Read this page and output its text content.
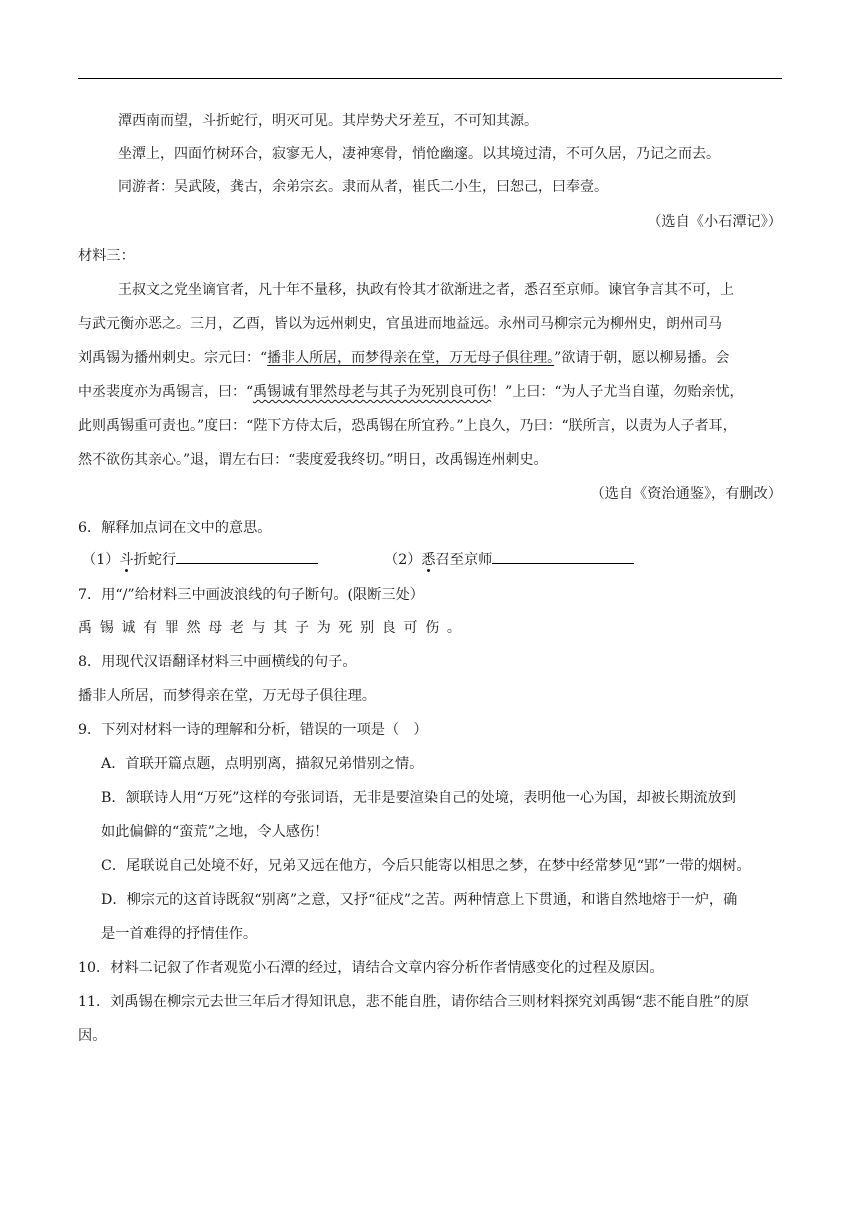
潭西南而望，斗折蛇行，明灭可见。其岸势犬牙差互，不可知其源。
坐潭上，四面竹树环合，寂寥无人，凄神寒骨，悄怆幽邃。以其境过清，不可久居，乃记之而去。
同游者：吴武陵，龚古，余弟宗玄。隶而从者，崔氏二小生，曰恕己，曰奉壹。
（选自《小石潭记》）
材料三：
王叔文之党坐谪官者，凡十年不量移，执政有怜其才欲渐进之者，悉召至京师。谏官争言其不可，上
与武元衡亦恶之。三月，乙酉，皆以为远州刺史，官虽进而地益远。永州司马柳宗元为柳州史，朗州司马
刘禹锡为播州刺史。宗元曰：“播非人所居，而梦得亲在堂，万无母子俱往理。”欲请于朝，愿以柳易播。会
中丞裴度亦为禹锡言，曰：“禹锡诚有罪然母老与其子为死别良可伤！”上曰：“为人子尤当自谨，勿贻亲忧，
此则禹锡重可责也。”度曰：“陛下方侍太后，恐禹锡在所宜矜。”上良久，乃曰：“朕所言，以责为人子者耳，
然不欲伤其亲心。”退，谓左右曰：“裴度爱我终切。”明日，改禹锡连州刺史。
（选自《资治通鉴》，有删改）
6．解释加点词在文中的意思。
（1）斗折蛇行	（2）悉召至京师
7．用“/”给材料三中画波浪线的句子断句。(限断三处）
禹锡诚有罪然母老与其子为死别良可伤。
8．用现代汉语翻译材料三中画横线的句子。
播非人所居，而梦得亲在堂，万无母子俱往理。
9．下列对材料一诗的理解和分析，错误的一项是（　）
A．首联开篇点题，点明别离，描叙兄弟惜别之情。
B．颔联诗人用“万死”这样的夸张词语，无非是要渲染自己的处境，表明他一心为国，却被长期流放到
如此偏僻的“蛮荒”之地，令人感伤！
C．尾联说自己处境不好，兄弟又远在他方，今后只能寄以相思之梦，在梦中经常梦见“郢”一带的烟树。
D．柳宗元的这首诗既叙“别离”之意，又抒“征戍”之苦。两种情意上下贯通，和谐自然地熔于一炉，确
是一首难得的抒情佳作。
10．材料二记叙了作者观览小石潭的经过，请结合文章内容分析作者情感变化的过程及原因。
11．刘禹锡在柳宗元去世三年后才得知讯息，悲不能自胜，请你结合三则材料探究刘禹锡“悲不能自胜”的原
因。
